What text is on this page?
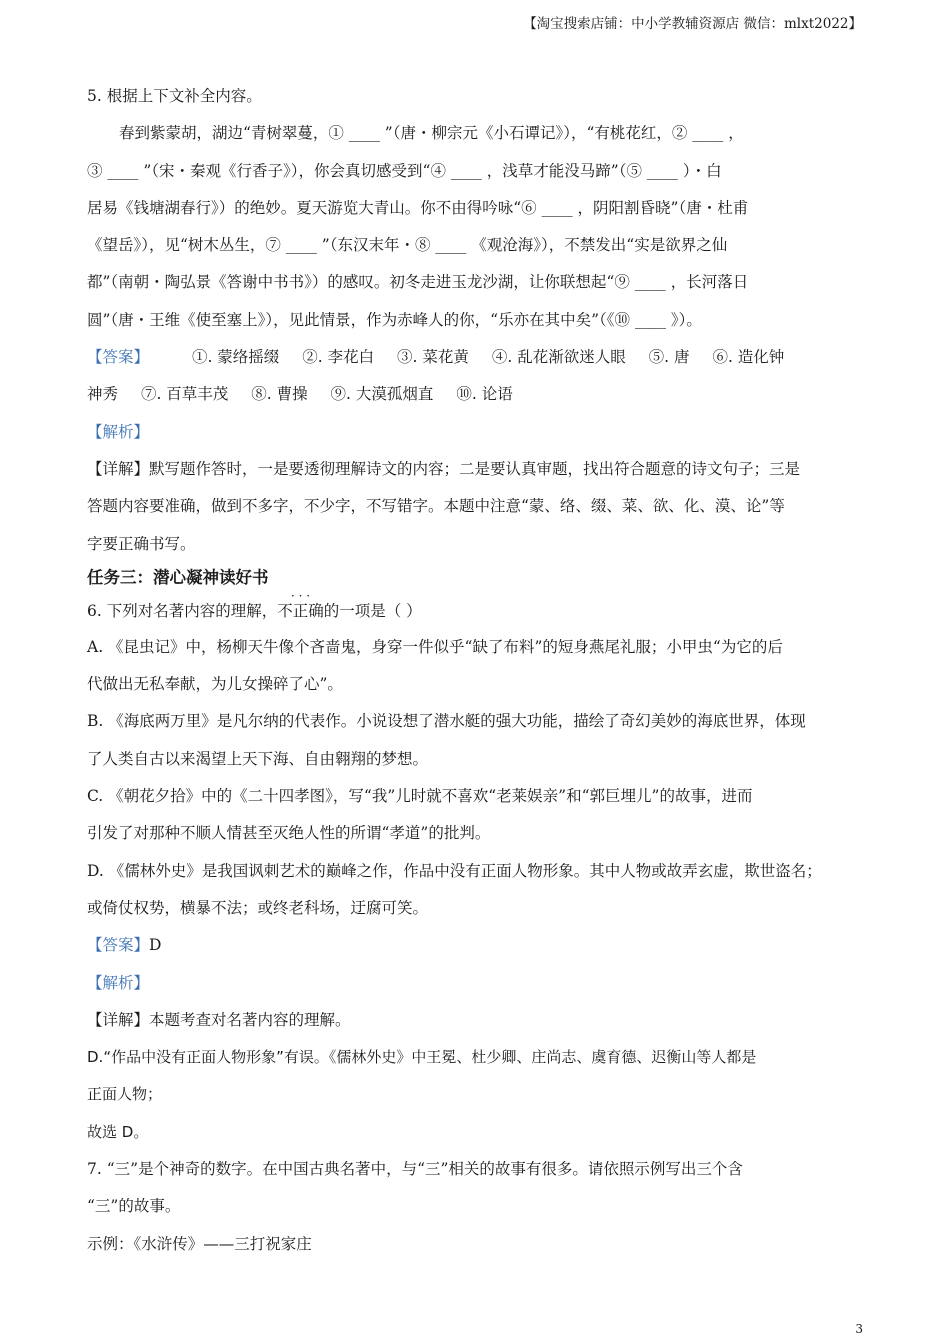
【淘宝搜索店铺：中小学教辅资源店 微信：mlxt2022】
5. 根据上下文补全内容。
春到紫蒙胡，湖边“青树翠蔓，① ____ ”（唐・柳宗元《小石谭记》），“有桃花红，② ____ ，
③ ____ ”（宋・秦观《行香子》），你会真切感受到“④ ____ ，浅草才能没马蹄”（⑤ ____ ）・白
居易《钱塘湖春行》）的绝妙。夏天游览大青山。你不由得吟咏“⑥ ____ ，阴阳割昏晓”（唐・杜甫
《望岳》），见“树木丛生，⑦ ____ ”（东汉末年・⑧ ____ 《观沧海》），不禁发出“实是欲界之仙
都”（南朝・陶弘景《答谢中书书》）的感叹。初冬走进玉龙沙湖，让你联想起“⑨ ____ ，长河落日
圆”（唐・王维《使至塞上》），见此情景，作为赤峰人的你，“乐亦在其中矣”（《⑩ ____ 》）。
【答案】	①. 蒙络摇缀 ②. 李花白 ③. 菜花黄 ④. 乱花渐欲迷人眼 ⑤. 唐 ⑥. 造化钟
神秀 ⑦. 百草丰茂 ⑧. 曹操 ⑨. 大漠孤烟直 ⑩. 论语
【解析】
【详解】默写题作答时，一是要透彻理解诗文的内容；二是要认真审题，找出符合题意的诗文句子；三是
答题内容要准确，做到不多字，不少字，不写错字。本题中注意“蒙、络、缀、菜、欲、化、漠、论”等
字要正确书写。
任务三：潜心凝神读好书
6. 下列对名著内容的理解，
· · ·
不正确的一项是（ ）
A. 《昆虫记》中，杨柳天牛像个吝啬鬼，身穿一件似乎“缺了布料”的短身燕尾礼服；小甲虫“为它的后
代做出无私奉献，为儿女操碎了心”。
B. 《海底两万里》是凡尔纳的代表作。小说设想了潜水艇的强大功能，描绘了奇幻美妙的海底世界，体现
了人类自古以来渴望上天下海、自由翱翔的梦想。
C. 《朝花夕拾》中的《二十四孝图》，写“我”儿时就不喜欢“老莱娱亲”和“郭巨埋儿”的故事，进而
引发了对那种不顺人情甚至灭绝人性的所谓“孝道”的批判。
D. 《儒林外史》是我国讽刺艺术的巅峰之作，作品中没有正面人物形象。其中人物或故弄玄虚，欺世盗名；
或倚仗权势，横暴不法；或终老科场，迂腐可笑。
【答案】D
【解析】
【详解】本题考查对名著内容的理解。
D.“作品中没有正面人物形象”有误。《儒林外史》中王冕、杜少卿、庄尚志、虞育德、迟衡山等人都是
正面人物；
故选 D。
7. “三”是个神奇的数字。在中国古典名著中，与“三”相关的故事有很多。请依照示例写出三个含
“三”的故事。
示例：《水浒传》——三打祝家庄
3
